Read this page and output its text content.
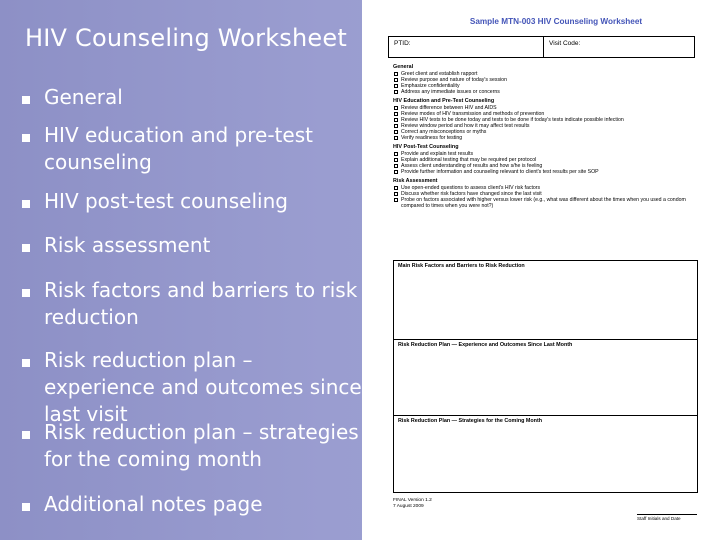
HIV Counseling Worksheet
General
HIV education and pre-test counseling
HIV post-test counseling
Risk assessment
Risk factors and barriers to risk reduction
Risk reduction plan – experience and outcomes since last visit
Risk reduction plan – strategies for the coming month
Additional notes page
Sample MTN-003 HIV Counseling Worksheet
PTID:	Visit Code:
General
Greet client and establish rapport
Review purpose and nature of today's session
Emphasize confidentiality
Address any immediate issues or concerns
HIV Education and Pre-Test Counseling
Review difference between HIV and AIDS
Review modes of HIV transmission and methods of prevention
Review HIV tests to be done today and tests to be done if today's tests indicate possible infection
Review window period and how it may affect test results
Correct any misconceptions or myths
Verify readiness for testing
HIV Post-Test Counseling
Provide and explain test results
Explain additional testing that may be required per protocol
Assess client understanding of results and how s/he is feeling
Provide further information and counseling relevant to client's test results per site SOP
Risk Assessment
Use open-ended questions to assess client's HIV risk factors
Discuss whether risk factors have changed since the last visit
Probe on factors associated with higher versus lower risk (e.g., what was different about the times when you used a condom compared to times when you were not?)
Main Risk Factors and Barriers to Risk Reduction
Risk Reduction Plan — Experience and Outcomes Since Last Month
Risk Reduction Plan — Strategies for the Coming Month
FINAL Version 1.2
7 August 2009
Staff Initials and Date
